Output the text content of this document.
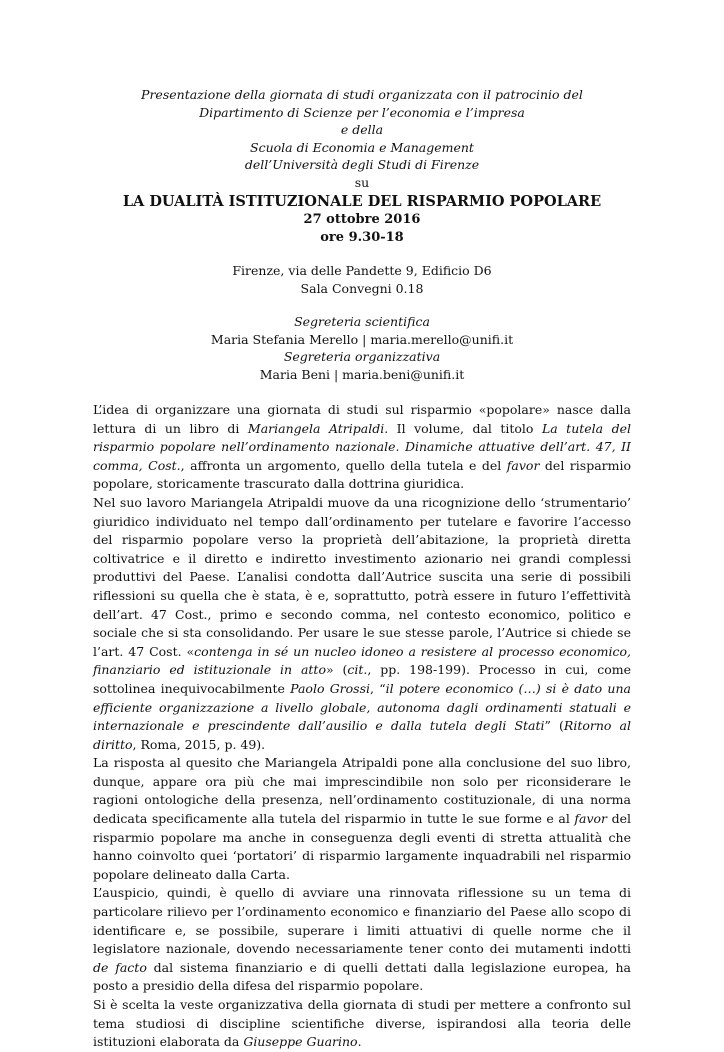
Presentazione della giornata di studi organizzata con il patrocinio del
Dipartimento di Scienze per l’economia e l’impresa
e della
Scuola di Economia e Management
dell’Università degli Studi di Firenze
su
LA DUALITÀ ISTITUZIONALE DEL RISPARMIO POPOLARE
27 ottobre 2016
ore 9.30-18
Firenze, via delle Pandette 9, Edificio D6
Sala Convegni 0.18
Segreteria scientifica
Maria Stefania Merello | maria.merello@unifi.it
Segreteria organizzativa
Maria Beni | maria.beni@unifi.it

L’idea di organizzare una giornata di studi sul risparmio «popolare» nasce dalla lettura di un libro di Mariangela Atripaldi. Il volume, dal titolo La tutela del risparmio popolare nell’ordinamento nazionale. Dinamiche attuative dell’art. 47, II comma, Cost., affronta un argomento, quello della tutela e del favor del risparmio popolare, storicamente trascurato dalla dottrina giuridica.

Nel suo lavoro Mariangela Atripaldi muove da una ricognizione dello ‘strumentario’ giuridico individuato nel tempo dall’ordinamento per tutelare e favorire l’accesso del risparmio popolare verso la proprietà dell’abitazione, la proprietà diretta coltivatrice e il diretto e indiretto investimento azionario nei grandi complessi produttivi del Paese. L’analisi condotta dall’Autrice suscita una serie di possibili riflessioni su quella che è stata, è e, soprattutto, potrà essere in futuro l’effettività dell’art. 47 Cost., primo e secondo comma, nel contesto economico, politico e sociale che si sta consolidando. Per usare le sue stesse parole, l’Autrice si chiede se l’art. 47 Cost. «contenga in sé un nucleo idoneo a resistere al processo economico, finanziario ed istituzionale in atto» (cit., pp. 198-199). Processo in cui, come sottolinea inequivocabilmente Paolo Grossi, “il potere economico (…) si è dato una efficiente organizzazione a livello globale, autonoma dagli ordinamenti statuali e internazionale e prescindente dall’ausilio e dalla tutela degli Stati” (Ritorno al diritto, Roma, 2015, p. 49).

La risposta al quesito che Mariangela Atripaldi pone alla conclusione del suo libro, dunque, appare ora più che mai imprescindibile non solo per riconsiderare le ragioni ontologiche della presenza, nell’ordinamento costituzionale, di una norma dedicata specificamente alla tutela del risparmio in tutte le sue forme e al favor del risparmio popolare ma anche in conseguenza degli eventi di stretta attualità che hanno coinvolto quei ‘portatori’ di risparmio largamente inquadrabili nel risparmio popolare delineato dalla Carta.

L’auspicio, quindi, è quello di avviare una rinnovata riflessione su un tema di particolare rilievo per l’ordinamento economico e finanziario del Paese allo scopo di identificare e, se possibile, superare i limiti attuativi di quelle norme che il legislatore nazionale, dovendo necessariamente tener conto dei mutamenti indotti de facto dal sistema finanziario e di quelli dettati dalla legislazione europea, ha posto a presidio della difesa del risparmio popolare.

Si è scelta la veste organizzativa della giornata di studi per mettere a confronto sul tema studiosi di discipline scientifiche diverse, ispirandosi alla teoria delle istituzioni elaborata da Giuseppe Guarino.
